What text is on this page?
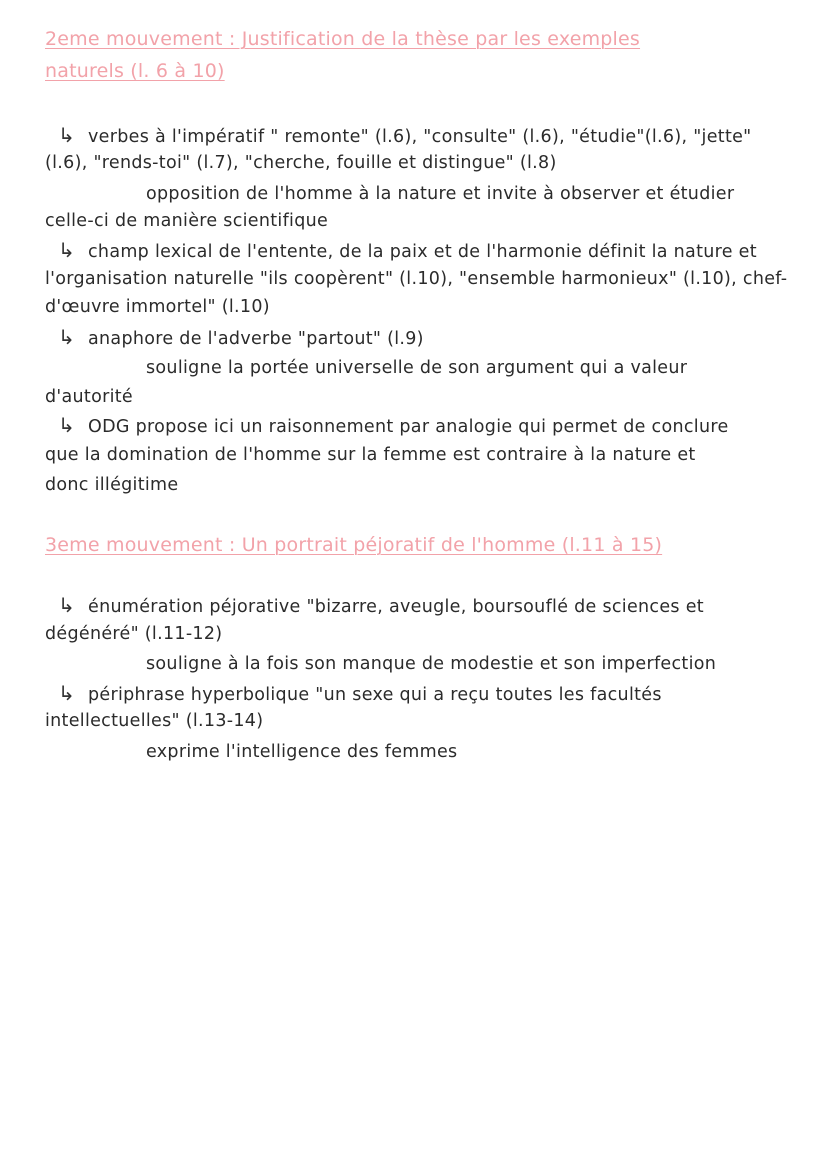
2eme mouvement : Justification de la thèse par les exemples
naturels (l. 6 à 10)
↳ verbes à l'impératif " remonte" (l.6), "consulte" (l.6), "étudie"(l.6), "jette"
(l.6), "rends-toi" (l.7), "cherche, fouille et distingue" (l.8)
opposition de l'homme à la nature et invite à observer et étudier
celle-ci de manière scientifique
↳ champ lexical de l'entente, de la paix et de l'harmonie définit la nature et
l'organisation naturelle "ils coopèrent" (l.10), "ensemble harmonieux" (l.10), chef-
d'œuvre immortel" (l.10)
↳ anaphore de l'adverbe "partout" (l.9)
souligne la portée universelle de son argument qui a valeur
d'autorité
↳ ODG propose ici un raisonnement par analogie qui permet de conclure
que la domination de l'homme sur la femme est contraire à la nature et
donc illégitime
3eme mouvement : Un portrait péjoratif de l'homme (l.11 à 15)
↳ énumération péjorative "bizarre, aveugle, boursouflé de sciences et
dégénéré" (l.11-12)
souligne à la fois son manque de modestie et son imperfection
↳ périphrase hyperbolique "un sexe qui a reçu toutes les facultés
intellectuelles" (l.13-14)
exprime l'intelligence des femmes
